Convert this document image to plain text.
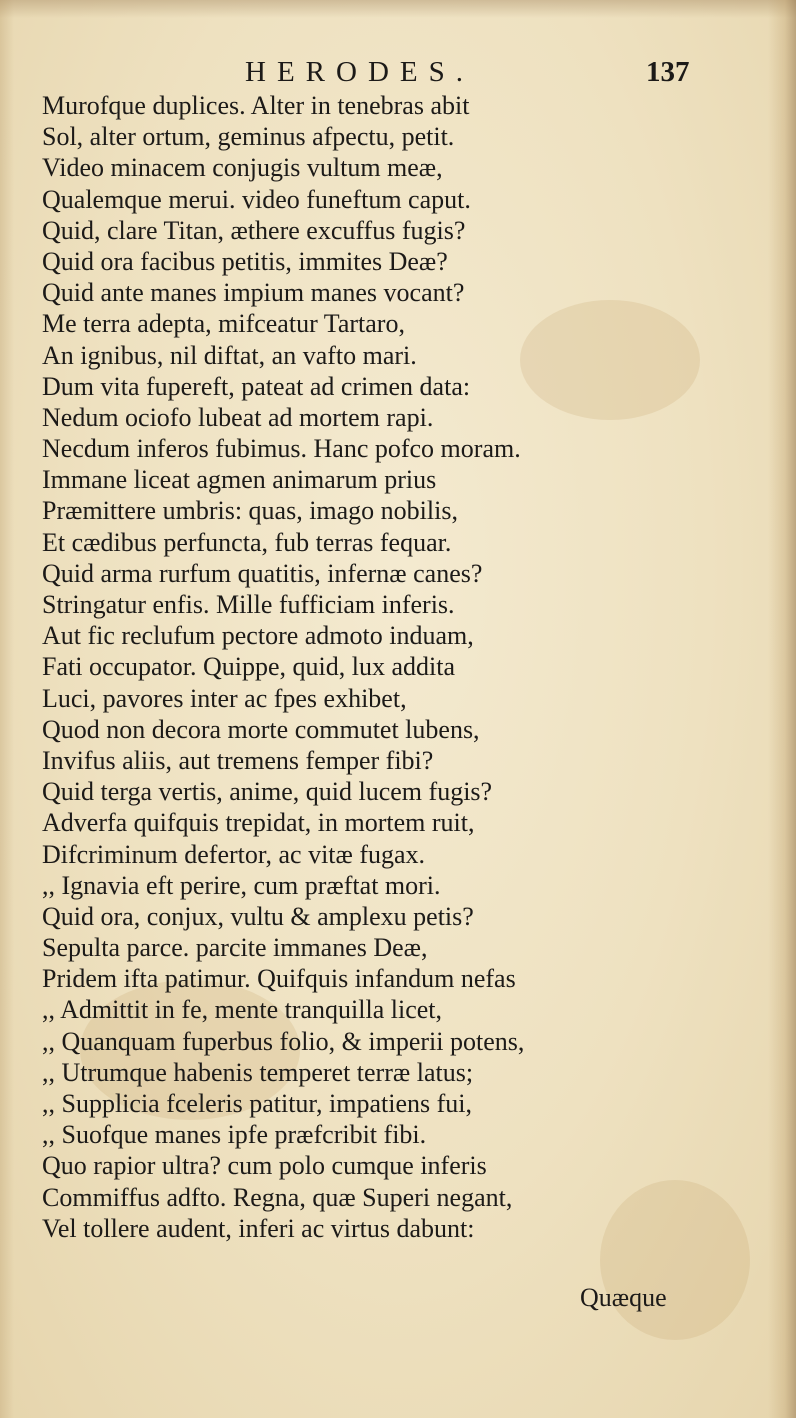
HERODES.	137
Murofque duplices. Alter in tenebras abit
Sol, alter ortum, geminus afpectu, petit.
Video minacem conjugis vultum meæ,
Qualemque merui. video funeftum caput.
Quid, clare Titan, æthere excuffus fugis?
Quid ora facibus petitis, immites Deæ?
Quid ante manes impium manes vocant?
Me terra adepta, mifceatur Tartaro,
An ignibus, nil diftat, an vafto mari.
Dum vita fupereft, pateat ad crimen data:
Nedum ociofo lubeat ad mortem rapi.
Necdum inferos fubimus. Hanc pofco moram.
Immane liceat agmen animarum prius
Præmittere umbris: quas, imago nobilis,
Et cædibus perfuncta, fub terras fequar.
Quid arma rurfum quatitis, infernæ canes?
Stringatur enfis. Mille fufficiam inferis.
Aut fic reclufum pectore admoto induam,
Fati occupator. Quippe, quid, lux addita
Luci, pavores inter ac fpes exhibet,
Quod non decora morte commutet lubens,
Invifus aliis, aut tremens femper fibi?
Quid terga vertis, anime, quid lucem fugis?
Adverfa quifquis trepidat, in mortem ruit,
Difcriminum defertor, ac vitæ fugax.
,, Ignavia eft perire, cum præftat mori.
Quid ora, conjux, vultu & amplexu petis?
Sepulta parce. parcite immanes Deæ,
Pridem ifta patimur. Quifquis infandum nefas
,, Admittit in fe, mente tranquilla licet,
,, Quanquam fuperbus folio, & imperii potens,
,, Utrumque habenis temperet terræ latus;
,, Supplicia fceleris patitur, impatiens fui,
,, Suofque manes ipfe præfcribit fibi.
Quo rapior ultra? cum polo cumque inferis
Commiffus adfto. Regna, quæ Superi negant,
Vel tollere audent, inferi ac virtus dabunt:
Quæque
